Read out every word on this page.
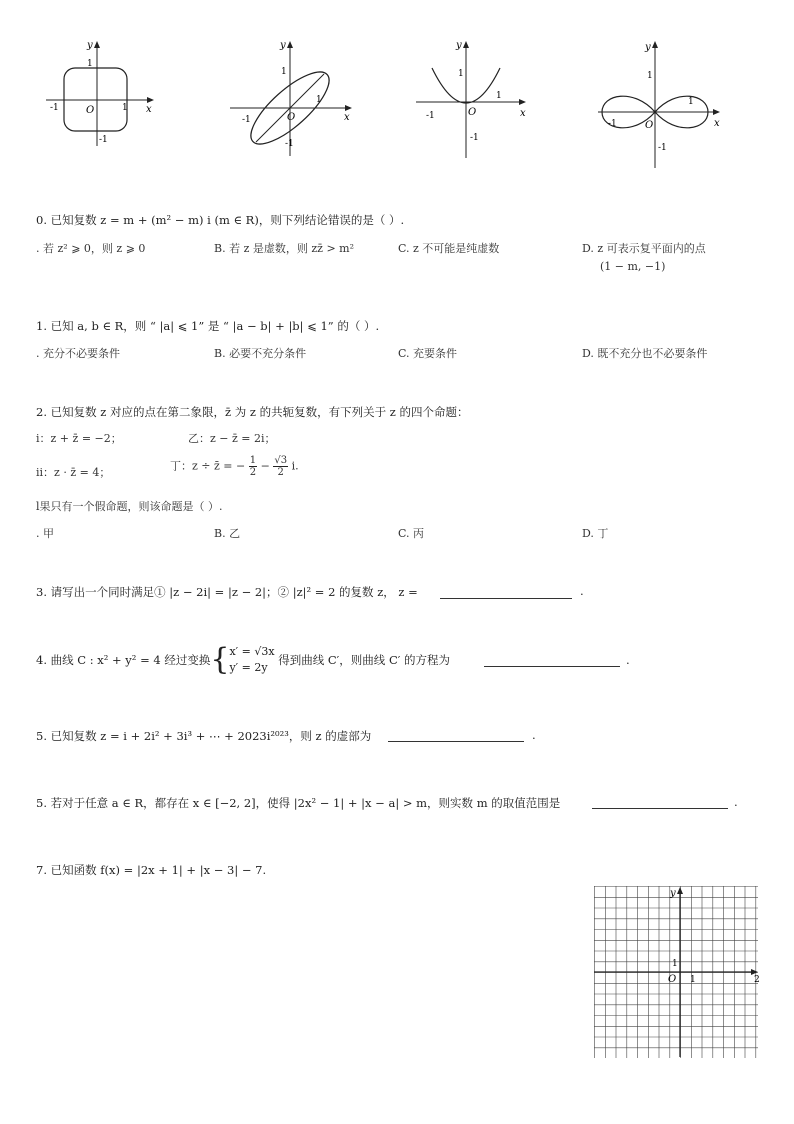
y
x
O
1
-1	1
-1
y
x
O
1
-1
1
-1
y
x
O
1
-1
1
-1
y
x
O
1
-1
1
-1
0. 已知复数 z = m + (m² − m) i (m ∈ R)，则下列结论错误的是（ ）.
. 若 z² ⩾ 0，则 z ⩾ 0	B. 若 z 是虚数，则 zz̄ > m²	C. z 不可能是纯虚数	D. z 可表示复平面内的点
(1 − m, −1)
1. 已知 a, b ∈ R，则 “ |a| ⩽ 1” 是 “ |a − b| + |b| ⩽ 1” 的（ ）.
. 充分不必要条件	B. 必要不充分条件	C. 充要条件	D. 既不充分也不必要条件
2. 已知复数 z 对应的点在第二象限，z̄ 为 z 的共轭复数，有下列关于 z 的四个命题：
ⅰ：z + z̄ = −2；	乙：z − z̄ = 2i；
ⅱ：z · z̄ = 4；	丁：z ÷ z̄ = − $\frac{1}{2} - \frac{√3}{2} i$.
l果只有一个假命题，则该命题是（ ）.
. 甲	B. 乙	C. 丙	D. 丁
3. 请写出一个同时满足① |z − 2i| = |z − 2|；② |z|² = 2 的复数 z， z =	.
4. 曲线 C : x² + y² = 4 经过变换{ x′ = √3x
y′ = 2y
得到曲线 C′，则曲线 C′ 的方程为	.
5. 已知复数 z = i + 2i² + 3i³ + ⋯ + 2023i²⁰²³，则 z 的虚部为	.
5. 若对于任意 a ∈ R，都存在 x ∈ [−2, 2]，使得 |2x² − 1| + |x − a| > m，则实数 m 的取值范围是	.
7. 已知函数 f(x) = |2x + 1| + |x − 3| − 7.
y
O 1
1
2
